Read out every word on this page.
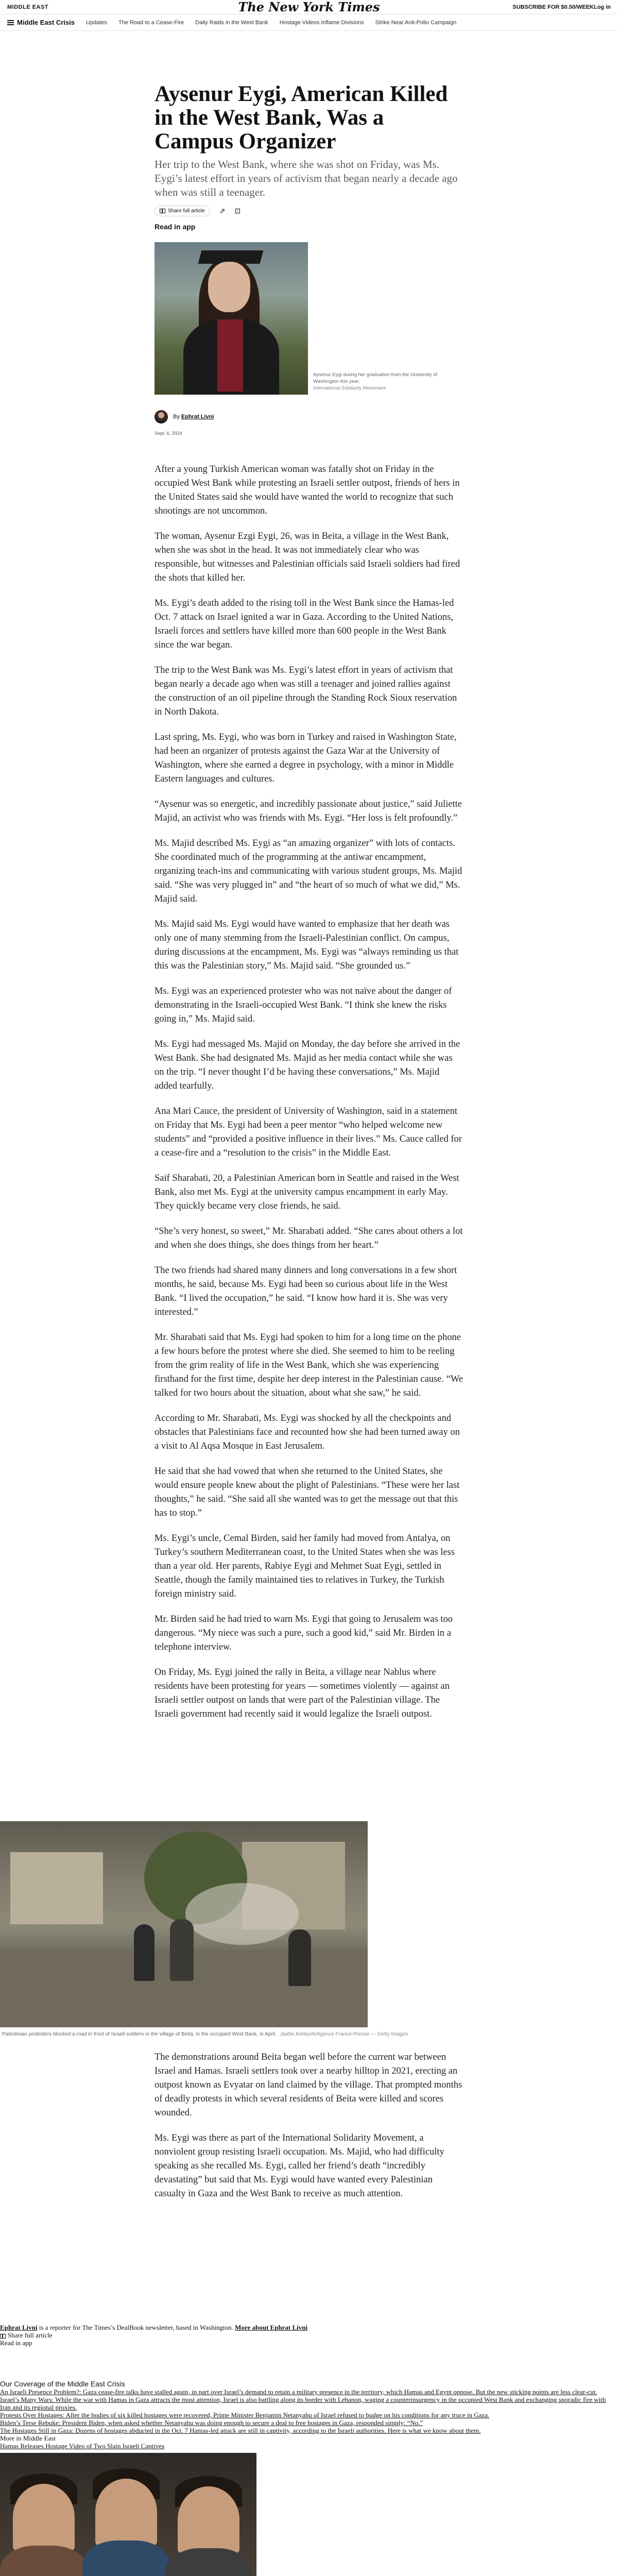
MIDDLE EAST	The New York Times	SUBSCRIBE FOR $0.50/WEEKLog in
Middle East Crisis Updates The Road to a Cease-Fire Daily Raids in the West Bank Hostage Videos Inflame Divisions Strike Near Anti-Polio Campaign
Aysenur Eygi, American Killed in the West Bank, Was a Campus Organizer

Her trip to the West Bank, where she was shot on Friday, was Ms. Eygi’s latest effort in years of activism that began nearly a decade ago when was still a teenager.

Share full article ⇗ ⊡
Read in app
Aysenur Eygi during her graduation from the University of Washington this year.
International Solidarity Movement
By Ephrat Livni
Sept. 6, 2024

After a young Turkish American woman was fatally shot on Friday in the occupied West Bank while protesting an Israeli settler outpost, friends of hers in the United States said she would have wanted the world to recognize that such shootings are not uncommon.

The woman, Aysenur Ezgi Eygi, 26, was in Beita, a village in the West Bank, when she was shot in the head. It was not immediately clear who was responsible, but witnesses and Palestinian officials said Israeli soldiers had fired the shots that killed her.

Ms. Eygi’s death added to the rising toll in the West Bank since the Hamas-led Oct. 7 attack on Israel ignited a war in Gaza. According to the United Nations, Israeli forces and settlers have killed more than 600 people in the West Bank since the war began.

The trip to the West Bank was Ms. Eygi’s latest effort in years of activism that began nearly a decade ago when was still a teenager and joined rallies against the construction of an oil pipeline through the Standing Rock Sioux reservation in North Dakota.

Last spring, Ms. Eygi, who was born in Turkey and raised in Washington State, had been an organizer of protests against the Gaza War at the University of Washington, where she earned a degree in psychology, with a minor in Middle Eastern languages and cultures.

“Aysenur was so energetic, and incredibly passionate about justice,” said Juliette Majid, an activist who was friends with Ms. Eygi. “Her loss is felt profoundly.”

Ms. Majid described Ms. Eygi as “an amazing organizer” with lots of contacts. She coordinated much of the programming at the antiwar encampment, organizing teach-ins and communicating with various student groups, Ms. Majid said. “She was very plugged in” and “the heart of so much of what we did,” Ms. Majid said.

Ms. Majid said Ms. Eygi would have wanted to emphasize that her death was only one of many stemming from the Israeli-Palestinian conflict. On campus, during discussions at the encampment, Ms. Eygi was “always reminding us that this was the Palestinian story,” Ms. Majid said. “She grounded us.”

Ms. Eygi was an experienced protester who was not naïve about the danger of demonstrating in the Israeli-occupied West Bank. “I think she knew the risks going in,” Ms. Majid said.

Ms. Eygi had messaged Ms. Majid on Monday, the day before she arrived in the West Bank. She had designated Ms. Majid as her media contact while she was on the trip. “I never thought I’d be having these conversations,” Ms. Majid added tearfully.

Ana Mari Cauce, the president of University of Washington, said in a statement on Friday that Ms. Eygi had been a peer mentor “who helped welcome new students” and “provided a positive influence in their lives.” Ms. Cauce called for a cease-fire and a “resolution to the crisis” in the Middle East.

Saif Sharabati, 20, a Palestinian American born in Seattle and raised in the West Bank, also met Ms. Eygi at the university campus encampment in early May. They quickly became very close friends, he said.

“She’s very honest, so sweet,” Mr. Sharabati added. “She cares about others a lot and when she does things, she does things from her heart.”

The two friends had shared many dinners and long conversations in a few short months, he said, because Ms. Eygi had been so curious about life in the West Bank. “I lived the occupation,” he said. “I know how hard it is. She was very interested.”

Mr. Sharabati said that Ms. Eygi had spoken to him for a long time on the phone a few hours before the protest where she died. She seemed to him to be reeling from the grim reality of life in the West Bank, which she was experiencing firsthand for the first time, despite her deep interest in the Palestinian cause. “We talked for two hours about the situation, about what she saw,” he said.

According to Mr. Sharabati, Ms. Eygi was shocked by all the checkpoints and obstacles that Palestinians face and recounted how she had been turned away on a visit to Al Aqsa Mosque in East Jerusalem.

He said that she had vowed that when she returned to the United States, she would ensure people knew about the plight of Palestinians. “These were her last thoughts,” he said. “She said all she wanted was to get the message out that this has to stop.”

Ms. Eygi’s uncle, Cemal Birden, said her family had moved from Antalya, on Turkey’s southern Mediterranean coast, to the United States when she was less than a year old. Her parents, Rabiye Eygi and Mehmet Suat Eygi, settled in Seattle, though the family maintained ties to relatives in Turkey, the Turkish foreign ministry said.

Mr. Birden said he had tried to warn Ms. Eygi that going to Jerusalem was too dangerous. “My niece was such a pure, such a good kid,” said Mr. Birden in a telephone interview.

On Friday, Ms. Eygi joined the rally in Beita, a village near Nablus where residents have been protesting for years — sometimes violently — against an Israeli settler outpost on lands that were part of the Palestinian village. The Israeli government had recently said it would legalize the Israeli outpost.

Palestinian protesters blocked a road in front of Israeli soldiers in the village of Beita, in the occupied West Bank, in April. Jaafar Ashtiyeh/Agence France-Presse — Getty Images

The demonstrations around Beita began well before the current war between Israel and Hamas. Israeli settlers took over a nearby hilltop in 2021, erecting an outpost known as Evyatar on land claimed by the village. That prompted months of deadly protests in which several residents of Beita were killed and scores wounded.

Ms. Eygi was there as part of the International Solidarity Movement, a nonviolent group resisting Israeli occupation. Ms. Majid, who had difficulty speaking as she recalled Ms. Eygi, called her friend’s death “incredibly devastating” but said that Ms. Eygi would have wanted every Palestinian casualty in Gaza and the West Bank to receive as much attention.

Ephrat Livni is a reporter for The Times’s DealBook newsletter, based in Washington. More about Ephrat Livni
Share full article
Read in app
Our Coverage of the Middle East Crisis
An Israeli Presence Problem?: Gaza cease-fire talks have stalled again, in part over Israel’s demand to retain a military presence in the territory, which Hamas and Egypt oppose. But the new sticking points are less clear-cut.
Israel’s Many Wars: While the war with Hamas in Gaza attracts the most attention, Israel is also battling along its border with Lebanon, waging a counterinsurgency in the occupied West Bank and exchanging sporadic fire with Iran and its regional proxies.
Protests Over Hostages: After the bodies of six killed hostages were recovered, Prime Minister Benjamin Netanyahu of Israel refused to budge on his conditions for any truce in Gaza.
Biden’s Terse Rebuke: President Biden, when asked whether Netanyahu was doing enough to secure a deal to free hostages in Gaza, responded simply: “No.”
The Hostages Still in Gaza: Dozens of hostages abducted in the Oct. 7 Hamas-led attack are still in captivity, according to the Israeli authorities. Here is what we know about them.
More in Middle East
Hamas Releases Hostage Video of Two Slain Israeli Captives
